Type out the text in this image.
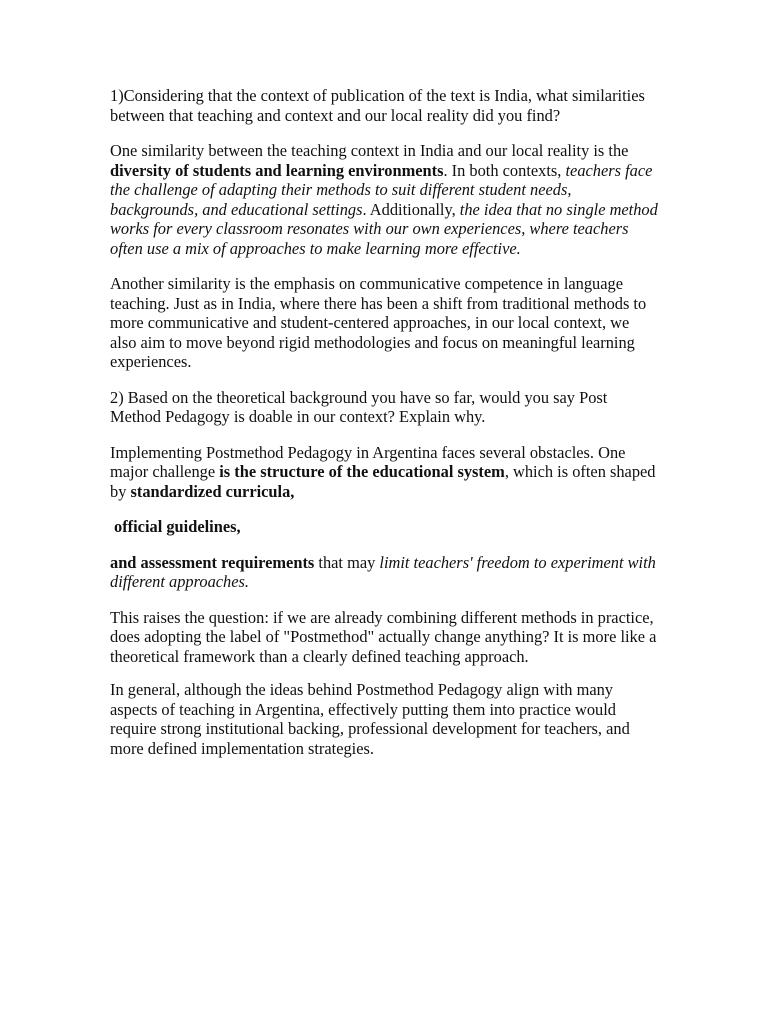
1)Considering that the context of publication of the text is India, what similarities between that teaching and context and our local reality did you find?

One similarity between the teaching context in India and our local reality is the diversity of students and learning environments. In both contexts, teachers face the challenge of adapting their methods to suit different student needs, backgrounds, and educational settings. Additionally, the idea that no single method works for every classroom resonates with our own experiences, where teachers often use a mix of approaches to make learning more effective.

Another similarity is the emphasis on communicative competence in language teaching. Just as in India, where there has been a shift from traditional methods to more communicative and student-centered approaches, in our local context, we also aim to move beyond rigid methodologies and focus on meaningful learning experiences.

2) Based on the theoretical background you have so far, would you say Post Method Pedagogy is doable in our context? Explain why.

Implementing Postmethod Pedagogy in Argentina faces several obstacles. One major challenge is the structure of the educational system, which is often shaped by standardized curricula,

official guidelines,

and assessment requirements that may limit teachers' freedom to experiment with different approaches.

This raises the question: if we are already combining different methods in practice, does adopting the label of "Postmethod" actually change anything? It is more like a theoretical framework than a clearly defined teaching approach.

In general, although the ideas behind Postmethod Pedagogy align with many aspects of teaching in Argentina, effectively putting them into practice would require strong institutional backing, professional development for teachers, and more defined implementation strategies.
